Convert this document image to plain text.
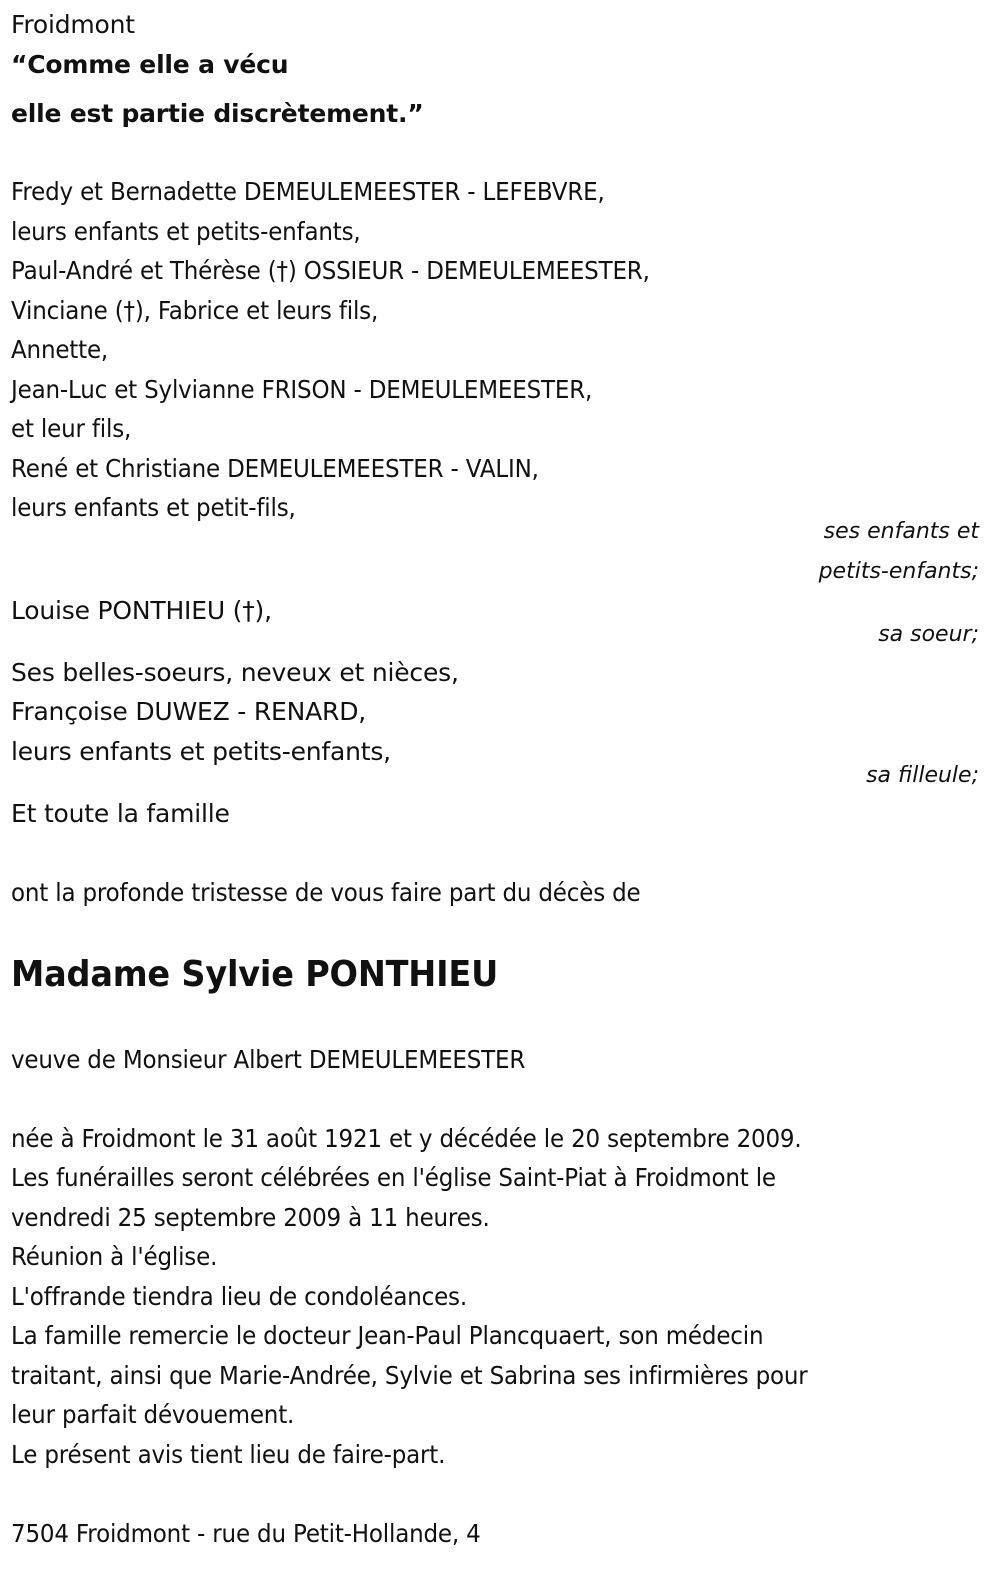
Froidmont
“Comme elle a vécu
elle est partie discrètement.”
Fredy et Bernadette DEMEULEMEESTER - LEFEBVRE,
leurs enfants et petits-enfants,
Paul-André et Thérèse (†) OSSIEUR - DEMEULEMEESTER,
Vinciane (†), Fabrice et leurs fils,
Annette,
Jean-Luc et Sylvianne FRISON - DEMEULEMEESTER,
et leur fils,
René et Christiane DEMEULEMEESTER - VALIN,
leurs enfants et petit-fils,
ses enfants et
petits-enfants;
Louise PONTHIEU (†),
sa soeur;
Ses belles-soeurs, neveux et nièces,
Françoise DUWEZ - RENARD,
leurs enfants et petits-enfants,
sa filleule;
Et toute la famille
ont la profonde tristesse de vous faire part du décès de
Madame Sylvie PONTHIEU
veuve de Monsieur Albert DEMEULEMEESTER
née à Froidmont le 31 août 1921 et y décédée le 20 septembre 2009.
Les funérailles seront célébrées en l'église Saint-Piat à Froidmont le
vendredi 25 septembre 2009 à 11 heures.
Réunion à l'église.
L'offrande tiendra lieu de condoléances.
La famille remercie le docteur Jean-Paul Plancquaert, son médecin
traitant, ainsi que Marie-Andrée, Sylvie et Sabrina ses infirmières pour
leur parfait dévouement.
Le présent avis tient lieu de faire-part.
7504 Froidmont - rue du Petit-Hollande, 4
